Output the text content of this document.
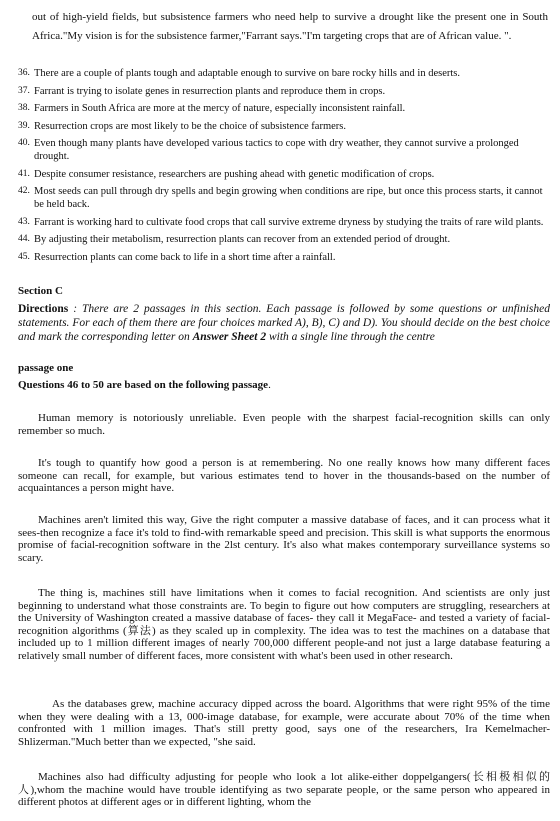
out of high-yield fields, but subsistence farmers who need help to survive a drought like the present one in South Africa."My vision is for the subsistence farmer,"Farrant says."I'm targeting crops that are of African value. ".
36. There are a couple of plants tough and adaptable enough to survive on bare rocky hills and in deserts.
37. Farrant is trying to isolate genes in resurrection plants and reproduce them in crops.
38. Farmers in South Africa are more at the mercy of nature, especially inconsistent rainfall.
39. Resurrection crops are most likely to be the choice of subsistence farmers.
40. Even though many plants have developed various tactics to cope with dry weather, they cannot survive a prolonged drought.
41. Despite consumer resistance, researchers are pushing ahead with genetic modification of crops.
42. Most seeds can pull through dry spells and begin growing when conditions are ripe, but once this process starts, it cannot be held back.
43. Farrant is working hard to cultivate food crops that call survive extreme dryness by studying the traits of rare wild plants.
44. By adjusting their metabolism, resurrection plants can recover from an extended period of drought.
45. Resurrection plants can come back to life in a short time after a rainfall.
Section C
Directions : There are 2 passages in this section. Each passage is followed by some questions or unfinished statements. For each of them there are four choices marked A), B), C) and D). You should decide on the best choice and mark the corresponding letter on Answer Sheet 2 with a single line through the centre
passage one
Questions 46 to 50 are based on the following passage.
Human memory is notoriously unreliable. Even people with the sharpest facial-recognition skills can only remember so much.
It's tough to quantify how good a person is at remembering. No one really knows how many different faces someone can recall, for example, but various estimates tend to hover in the thousands-based on the number of acquaintances a person might have.
Machines aren't limited this way, Give the right computer a massive database of faces, and it can process what it sees-then recognize a face it's told to find-with remarkable speed and precision. This skill is what supports the enormous promise of facial-recognition software in the 2lst century. It's also what makes contemporary surveillance systems so scary.
The thing is, machines still have limitations when it comes to facial recognition. And scientists are only just beginning to understand what those constraints are. To begin to figure out how computers are struggling, researchers at the University of Washington created a massive database of faces- they call it MegaFace- and tested a variety of facial-recognition algorithms (算法) as they scaled up in complexity. The idea was to test the machines on a database that included up to 1 million different images of nearly 700,000 different people-and not just a large database featuring a relatively small number of different faces, more consistent with what's been used in other research.
As the databases grew, machine accuracy dipped across the board. Algorithms that were right 95% of the time when they were dealing with a 13, 000-image database, for example, were accurate about 70% of the time when confronted with 1 million images. That's still pretty good, says one of the researchers, Ira Kemelmacher-Shlizerman."Much better than we expected, "she said.
Machines also had difficulty adjusting for people who look a lot alike-either doppelgangers(长相极相似的人),whom the machine would have trouble identifying as two separate people, or the same person who appeared in different photos at different ages or in different lighting, whom the
